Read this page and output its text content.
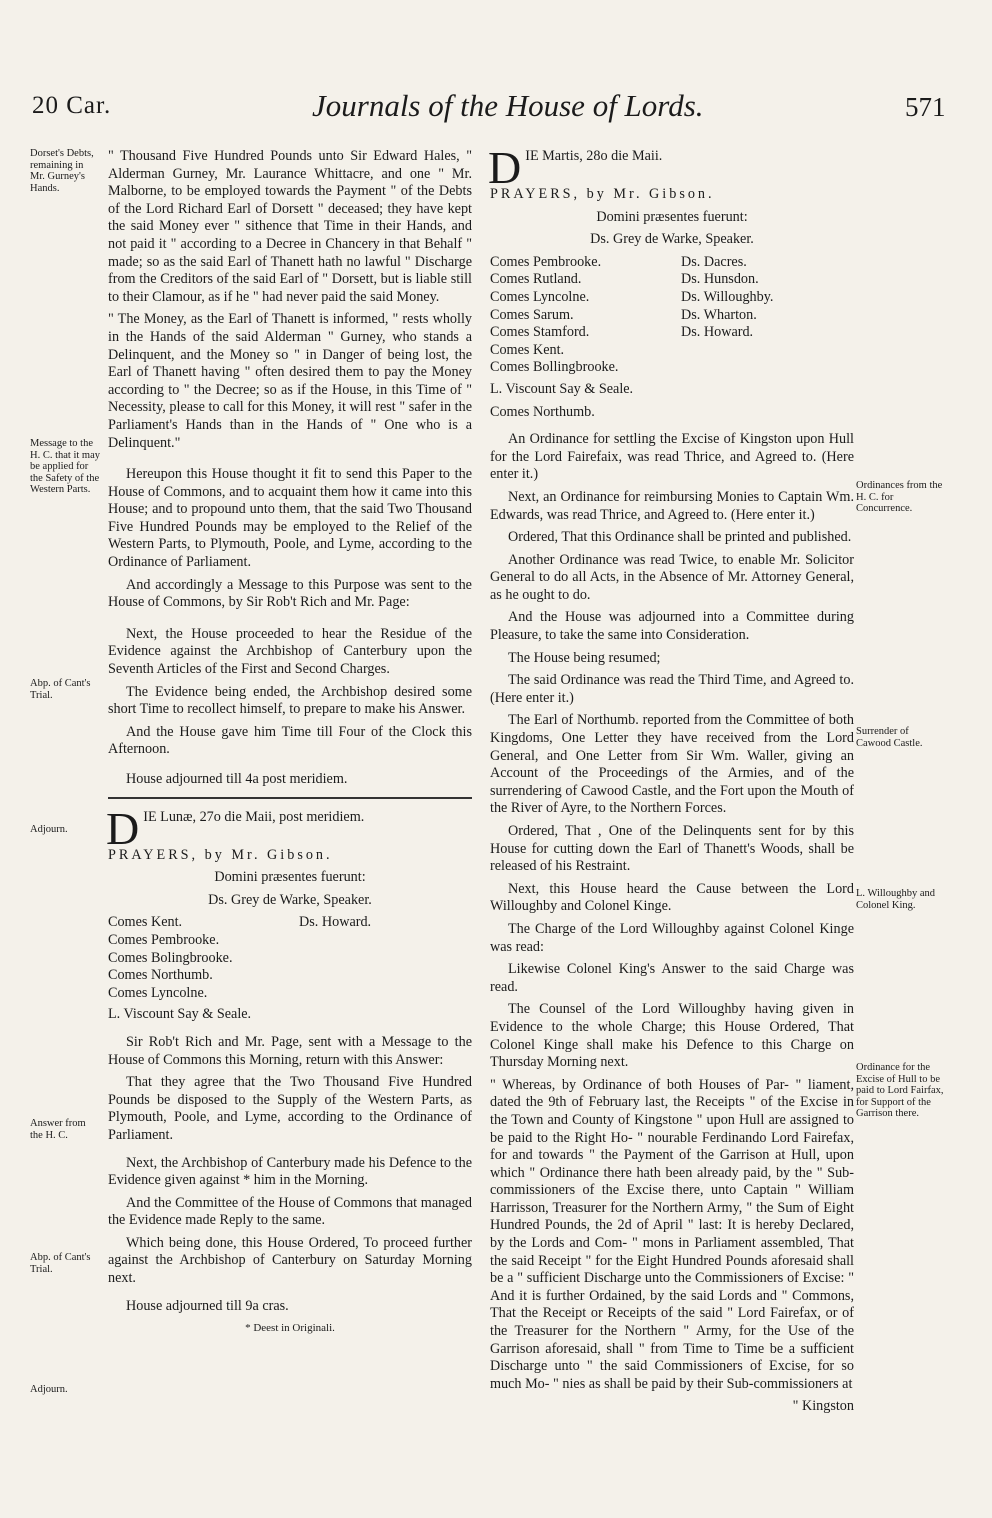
20 Car.	Journals of the House of Lords.	571
Dorset's Debts, remaining in Mr. Gurney's Hands.
Message to the H. C. that it may be applied for the Safety of the Western Parts.
Abp. of Cant's Trial.
Adjourn.
Answer from the H. C.
Abp. of Cant's Trial.
Adjourn.
Ordinances from the H. C. for Concurrence.
Surrender of Cawood Castle.
L. Willoughby and Colonel King.
Ordinance for the Excise of Hull to be paid to Lord Fairfax, for Support of the Garrison there.

" Thousand Five Hundred Pounds unto Sir Edward Hales, " Alderman Gurney, Mr. Laurance Whittacre, and one " Mr. Malborne, to be employed towards the Payment " of the Debts of the Lord Richard Earl of Dorsett " deceased; they have kept the said Money ever " sithence that Time in their Hands, and not paid it " according to a Decree in Chancery in that Behalf " made; so as the said Earl of Thanett hath no lawful " Discharge from the Creditors of the said Earl of " Dorsett, but is liable still to their Clamour, as if he " had never paid the said Money.

" The Money, as the Earl of Thanett is informed, " rests wholly in the Hands of the said Alderman " Gurney, who stands a Delinquent, and the Money so " in Danger of being lost, the Earl of Thanett having " often desired them to pay the Money according to " the Decree; so as if the House, in this Time of " Necessity, please to call for this Money, it will rest " safer in the Parliament's Hands than in the Hands of " One who is a Delinquent."

Hereupon this House thought it fit to send this Paper to the House of Commons, and to acquaint them how it came into this House; and to propound unto them, that the said Two Thousand Five Hundred Pounds may be employed to the Relief of the Western Parts, to Plymouth, Poole, and Lyme, according to the Ordinance of Parliament.

And accordingly a Message to this Purpose was sent to the House of Commons, by Sir Rob't Rich and Mr. Page:

Next, the House proceeded to hear the Residue of the Evidence against the Archbishop of Canterbury upon the Seventh Articles of the First and Second Charges.

The Evidence being ended, the Archbishop desired some short Time to recollect himself, to prepare to make his Answer.

And the House gave him Time till Four of the Clock this Afternoon.

House adjourned till 4a post meridiem.

DIE Lunæ, 27o die Maii, post meridiem.

PRAYERS, by Mr. Gibson.

Domini præsentes fuerunt:

Ds. Grey de Warke, Speaker.

Comes Kent.
Comes Pembrooke.
Comes Bolingbrooke.
Comes Northumb.
Comes Lyncolne.
Ds. Howard.

L. Viscount Say & Seale.

Sir Rob't Rich and Mr. Page, sent with a Message to the House of Commons this Morning, return with this Answer:

That they agree that the Two Thousand Five Hundred Pounds be disposed to the Supply of the Western Parts, as Plymouth, Poole, and Lyme, according to the Ordinance of Parliament.

Next, the Archbishop of Canterbury made his Defence to the Evidence given against * him in the Morning.

And the Committee of the House of Commons that managed the Evidence made Reply to the same.

Which being done, this House Ordered, To proceed further against the Archbishop of Canterbury on Saturday Morning next.

House adjourned till 9a cras.

* Deest in Originali.

DIE Martis, 28o die Maii.

PRAYERS, by Mr. Gibson.

Domini præsentes fuerunt:

Ds. Grey de Warke, Speaker.

Comes Pembrooke.
Comes Rutland.
Comes Lyncolne.
Comes Sarum.
Comes Stamford.
Comes Kent.
Comes Bollingbrooke.
Ds. Dacres.
Ds. Hunsdon.
Ds. Willoughby.
Ds. Wharton.
Ds. Howard.

L. Viscount Say & Seale.

Comes Northumb.

An Ordinance for settling the Excise of Kingston upon Hull for the Lord Fairefaix, was read Thrice, and Agreed to. (Here enter it.)

Next, an Ordinance for reimbursing Monies to Captain Wm. Edwards, was read Thrice, and Agreed to. (Here enter it.)

Ordered, That this Ordinance shall be printed and published.

Another Ordinance was read Twice, to enable Mr. Solicitor General to do all Acts, in the Absence of Mr. Attorney General, as he ought to do.

And the House was adjourned into a Committee during Pleasure, to take the same into Consideration.

The House being resumed;

The said Ordinance was read the Third Time, and Agreed to. (Here enter it.)

The Earl of Northumb. reported from the Committee of both Kingdoms, One Letter they have received from the Lord General, and One Letter from Sir Wm. Waller, giving an Account of the Proceedings of the Armies, and of the surrendering of Cawood Castle, and the Fort upon the Mouth of the River of Ayre, to the Northern Forces.

Ordered, That , One of the Delinquents sent for by this House for cutting down the Earl of Thanett's Woods, shall be released of his Restraint.

Next, this House heard the Cause between the Lord Willoughby and Colonel Kinge.

The Charge of the Lord Willoughby against Colonel Kinge was read:

Likewise Colonel King's Answer to the said Charge was read.

The Counsel of the Lord Willoughby having given in Evidence to the whole Charge; this House Ordered, That Colonel Kinge shall make his Defence to this Charge on Thursday Morning next.

" Whereas, by Ordinance of both Houses of Par- " liament, dated the 9th of February last, the Receipts " of the Excise in the Town and County of Kingstone " upon Hull are assigned to be paid to the Right Ho- " nourable Ferdinando Lord Fairefax, for and towards " the Payment of the Garrison at Hull, upon which " Ordinance there hath been already paid, by the " Sub-commissioners of the Excise there, unto Captain " William Harrisson, Treasurer for the Northern Army, " the Sum of Eight Hundred Pounds, the 2d of April " last: It is hereby Declared, by the Lords and Com- " mons in Parliament assembled, That the said Receipt " for the Eight Hundred Pounds aforesaid shall be a " sufficient Discharge unto the Commissioners of Excise: " And it is further Ordained, by the said Lords and " Commons, That the Receipt or Receipts of the said " Lord Fairefax, or of the Treasurer for the Northern " Army, for the Use of the Garrison aforesaid, shall " from Time to Time be a sufficient Discharge unto " the said Commissioners of Excise, for so much Mo- " nies as shall be paid by their Sub-commissioners at

" Kingston
